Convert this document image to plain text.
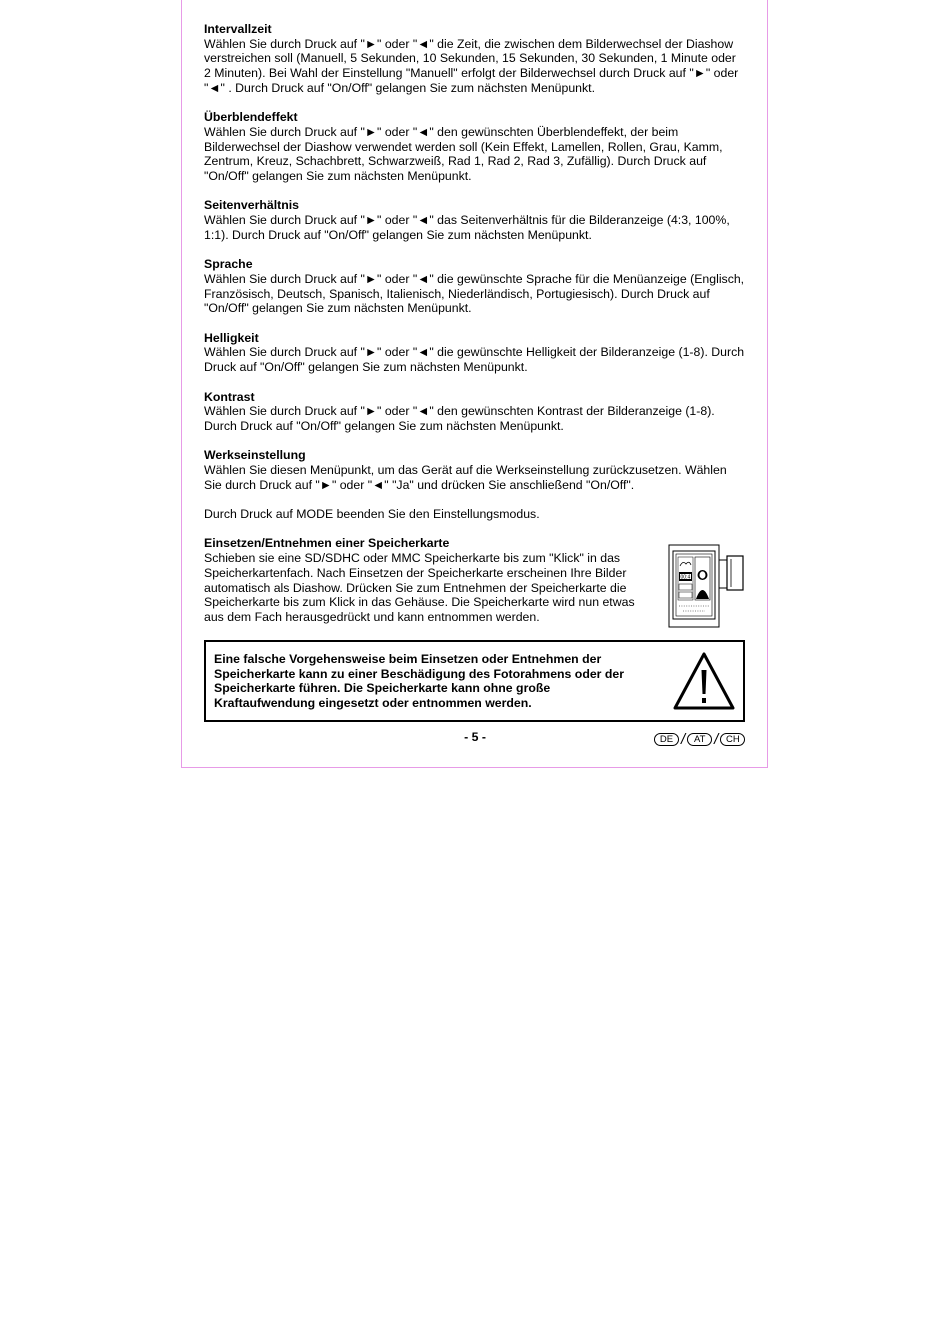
Intervallzeit

Wählen Sie durch Druck auf "►" oder "◄" die Zeit, die zwischen dem Bilderwechsel der Diashow verstreichen soll (Manuell, 5 Sekunden, 10 Sekunden, 15 Sekunden, 30 Sekunden, 1 Minute oder 2 Minuten). Bei Wahl der Einstellung "Manuell" erfolgt der Bilderwechsel durch Druck auf "►" oder "◄" . Durch Druck auf "On/Off" gelangen Sie zum nächsten Menüpunkt.

Überblendeffekt

Wählen Sie durch Druck auf "►" oder "◄" den gewünschten Überblendeffekt, der beim Bilderwechsel der Diashow verwendet werden soll (Kein Effekt, Lamellen, Rollen, Grau, Kamm, Zentrum, Kreuz, Schachbrett, Schwarzweiß, Rad 1, Rad 2, Rad 3, Zufällig). Durch Druck auf "On/Off" gelangen Sie zum nächsten Menüpunkt.

Seitenverhältnis

Wählen Sie durch Druck auf "►" oder "◄" das Seitenverhältnis für die Bilderanzeige (4:3, 100%, 1:1). Durch Druck auf "On/Off" gelangen Sie zum nächsten Menüpunkt.

Sprache

Wählen Sie durch Druck auf "►" oder "◄" die gewünschte Sprache für die Menüanzeige (Englisch, Französisch, Deutsch, Spanisch, Italienisch, Niederländisch, Portugiesisch). Durch Druck auf "On/Off" gelangen Sie zum nächsten Menüpunkt.

Helligkeit

Wählen Sie durch Druck auf "►" oder "◄" die gewünschte Helligkeit der Bilderanzeige (1-8). Durch Druck auf "On/Off" gelangen Sie zum nächsten Menüpunkt.

Kontrast

Wählen Sie durch Druck auf "►" oder "◄" den gewünschten Kontrast der Bilderanzeige (1-8). Durch Druck auf "On/Off" gelangen Sie zum nächsten Menüpunkt.

Werkseinstellung

Wählen Sie diesen Menüpunkt, um das Gerät auf die Werkseinstellung zurückzusetzen. Wählen Sie durch Druck auf "►" oder "◄" "Ja" und drücken Sie anschließend "On/Off".

Durch Druck auf MODE beenden Sie den Einstellungsmodus.

Einsetzen/Entnehmen einer Speicherkarte

Schieben sie eine SD/SDHC oder MMC Speicherkarte bis zum "Klick" in das Speicherkartenfach. Nach Einsetzen der Speicherkarte erscheinen Ihre Bilder automatisch als Diashow. Drücken Sie zum Entnehmen der Speicherkarte die Speicherkarte bis zum Klick in das Gehäuse. Die Speicherkarte wird nun etwas aus dem Fach herausgedrückt und kann entnommen werden.

00:4

Eine falsche Vorgehensweise beim Einsetzen oder Entnehmen der Speicherkarte kann zu einer Beschädigung des Fotorahmens oder der Speicherkarte führen. Die Speicherkarte kann ohne große Kraftaufwendung eingesetzt oder entnommen werden.

- 5 -	DE / AT / CH
